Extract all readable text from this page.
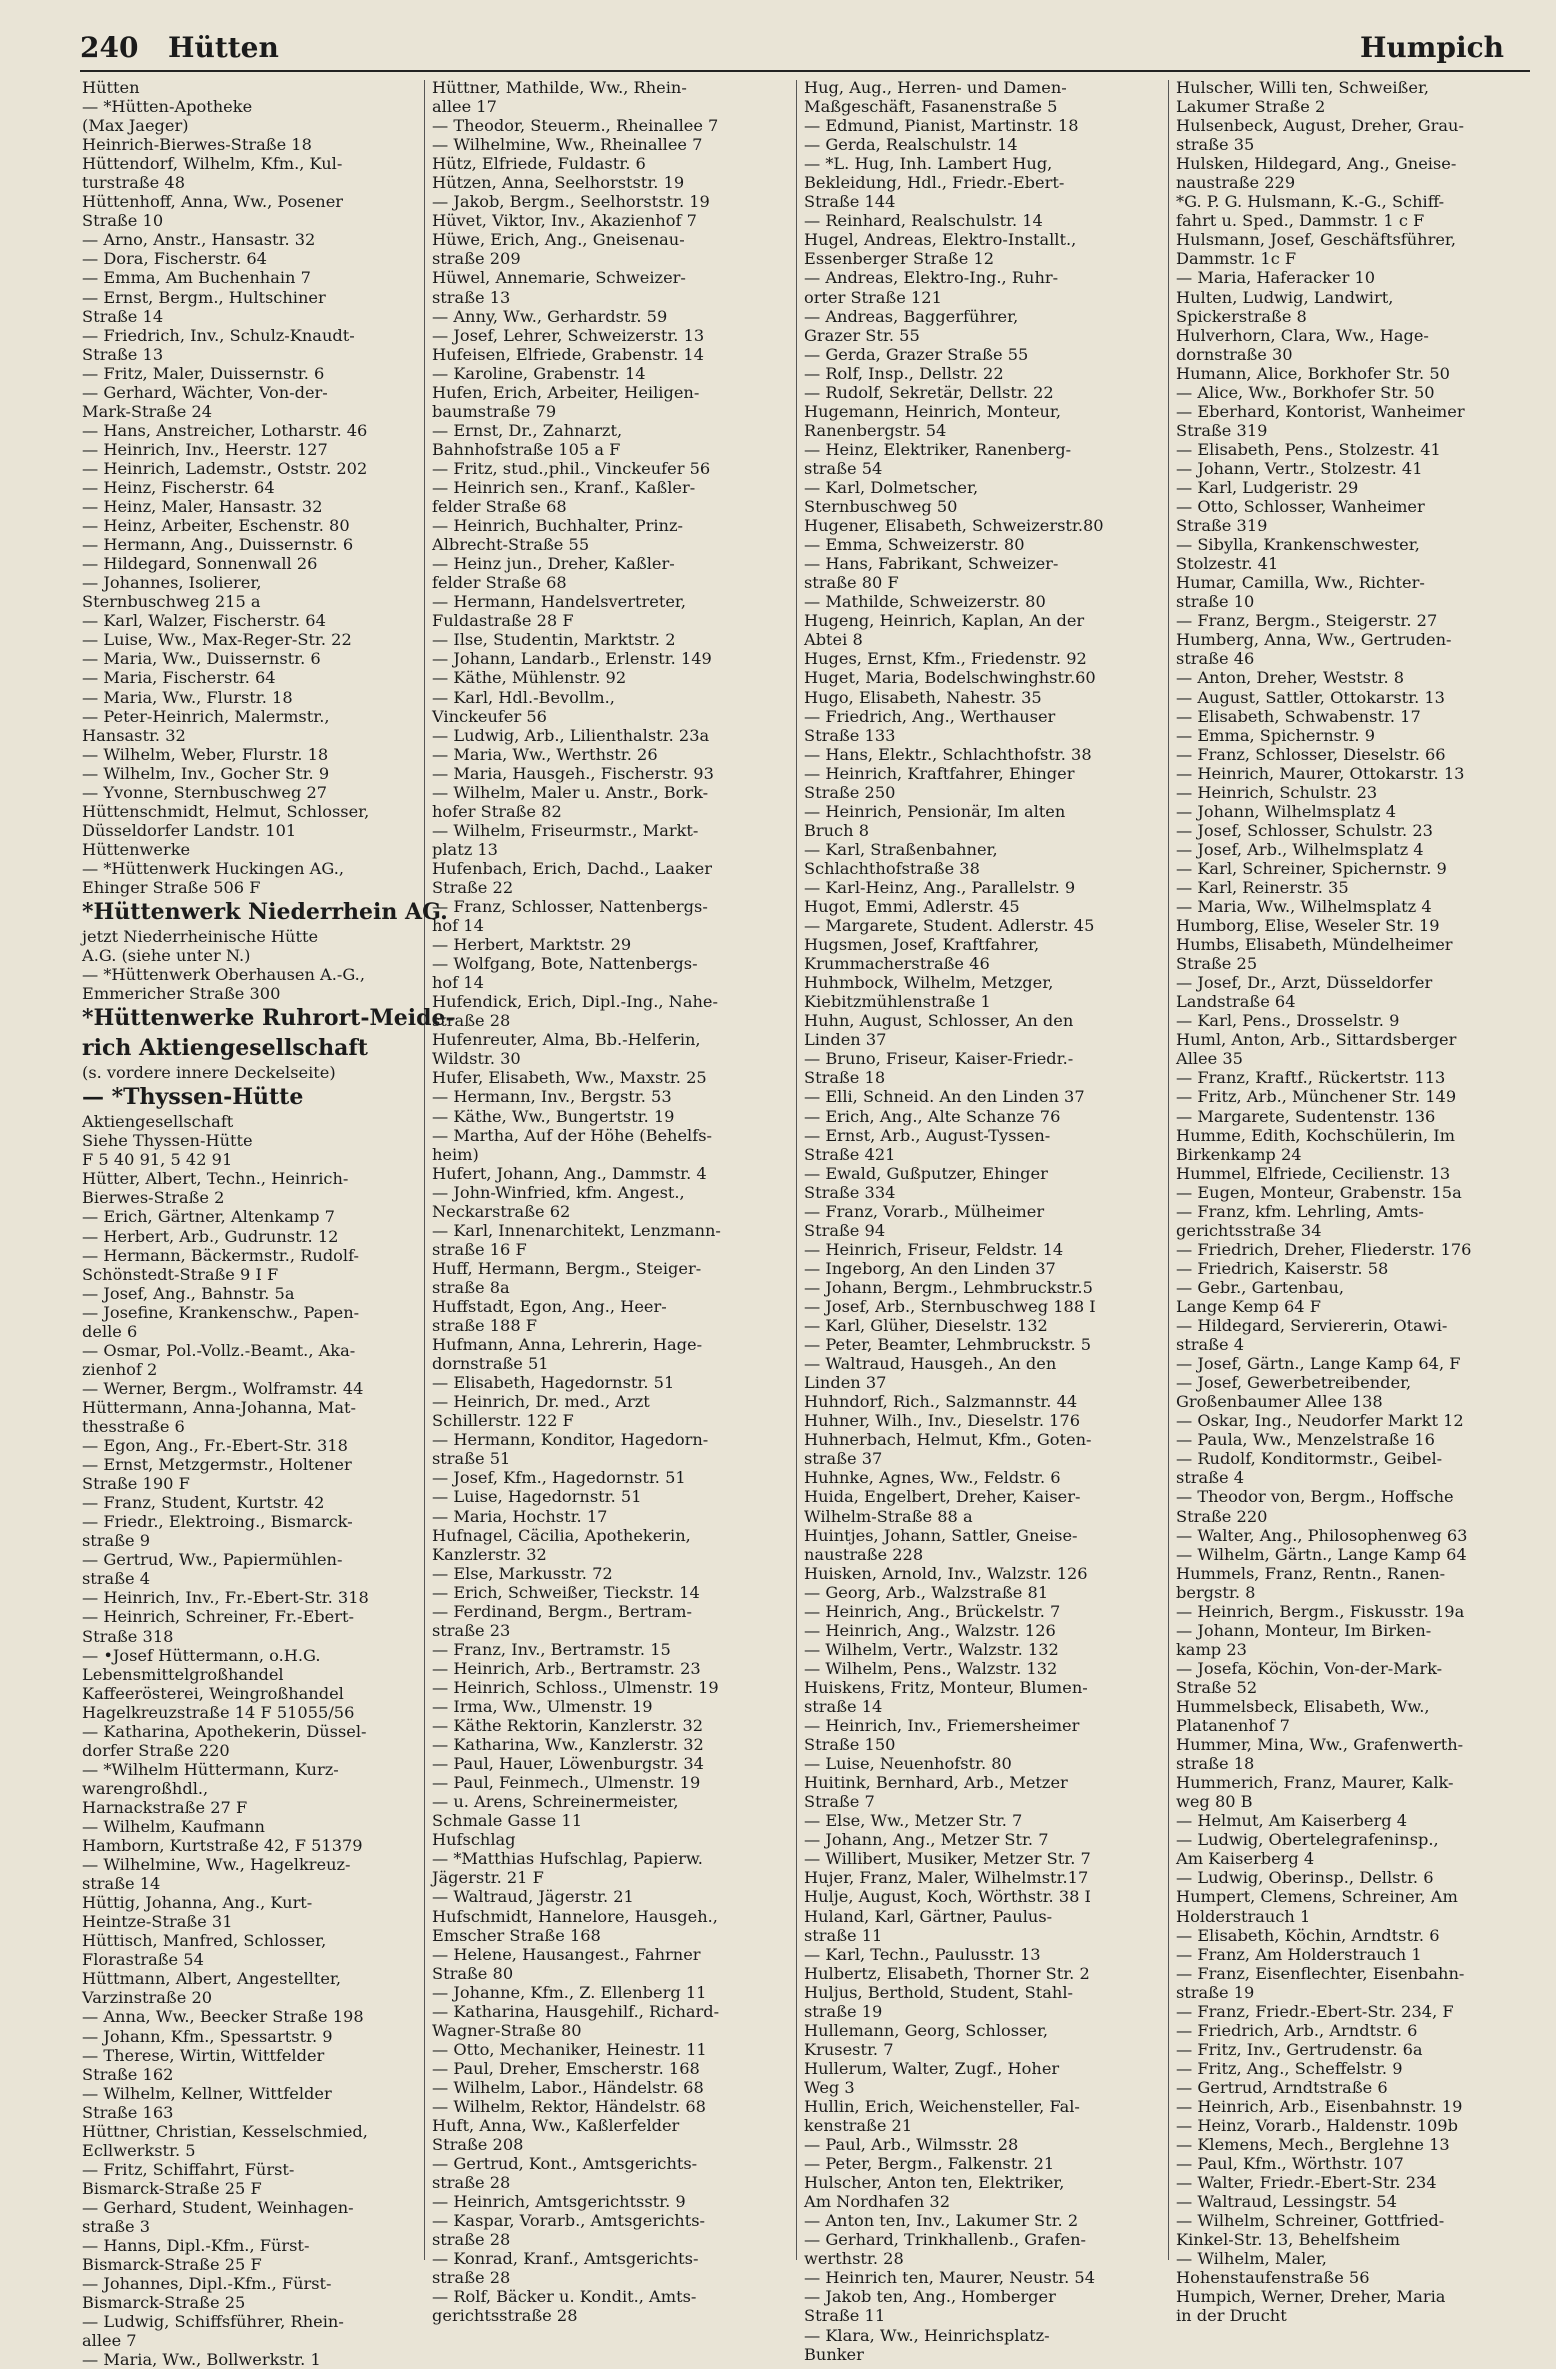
240 Hütten	Humpich
Hütten
— *Hütten-Apotheke
(Max Jaeger)
Heinrich-Bierwes-Straße 18
Hüttendorf, Wilhelm, Kfm., Kul-
turstraße 48
Hüttenhoff, Anna, Ww., Posener
Straße 10
— Arno, Anstr., Hansastr. 32
— Dora, Fischerstr. 64
— Emma, Am Buchenhain 7
— Ernst, Bergm., Hultschiner
Straße 14
— Friedrich, Inv., Schulz-Knaudt-
Straße 13
— Fritz, Maler, Duissernstr. 6
— Gerhard, Wächter, Von-der-
Mark-Straße 24
— Hans, Anstreicher, Lotharstr. 46
— Heinrich, Inv., Heerstr. 127
— Heinrich, Lademstr., Oststr. 202
— Heinz, Fischerstr. 64
— Heinz, Maler, Hansastr. 32
— Heinz, Arbeiter, Eschenstr. 80
— Hermann, Ang., Duissernstr. 6
— Hildegard, Sonnenwall 26
— Johannes, Isolierer,
Sternbuschweg 215 a
— Karl, Walzer, Fischerstr. 64
— Luise, Ww., Max-Reger-Str. 22
— Maria, Ww., Duissernstr. 6
— Maria, Fischerstr. 64
— Maria, Ww., Flurstr. 18
— Peter-Heinrich, Malermstr.,
Hansastr. 32
— Wilhelm, Weber, Flurstr. 18
— Wilhelm, Inv., Gocher Str. 9
— Yvonne, Sternbuschweg 27
Hüttenschmidt, Helmut, Schlosser,
Düsseldorfer Landstr. 101
Hüttenwerke
— *Hüttenwerk Huckingen AG.,
Ehinger Straße 506 F
*Hüttenwerk Niederrhein AG.
jetzt Niederrheinische Hütte
A.G. (siehe unter N.)
— *Hüttenwerk Oberhausen A.-G.,
Emmericher Straße 300
*Hüttenwerke Ruhrort-Meide-
rich Aktiengesellschaft
(s. vordere innere Deckelseite)
— *Thyssen-Hütte
Aktiengesellschaft
Siehe Thyssen-Hütte
F 5 40 91, 5 42 91
Hütter, Albert, Techn., Heinrich-
Bierwes-Straße 2
— Erich, Gärtner, Altenkamp 7
— Herbert, Arb., Gudrunstr. 12
— Hermann, Bäckermstr., Rudolf-
Schönstedt-Straße 9 I F
— Josef, Ang., Bahnstr. 5a
— Josefine, Krankenschw., Papen-
delle 6
— Osmar, Pol.-Vollz.-Beamt., Aka-
zienhof 2
— Werner, Bergm., Wolframstr. 44
Hüttermann, Anna-Johanna, Mat-
thesstraße 6
— Egon, Ang., Fr.-Ebert-Str. 318
— Ernst, Metzgermstr., Holtener
Straße 190 F
— Franz, Student, Kurtstr. 42
— Friedr., Elektroing., Bismarck-
straße 9
— Gertrud, Ww., Papiermühlen-
straße 4
— Heinrich, Inv., Fr.-Ebert-Str. 318
— Heinrich, Schreiner, Fr.-Ebert-
Straße 318
— •Josef Hüttermann, o.H.G.
Lebensmittelgroßhandel
Kaffeerösterei, Weingroßhandel
Hagelkreuzstraße 14 F 51055/56
— Katharina, Apothekerin, Düssel-
dorfer Straße 220
— *Wilhelm Hüttermann, Kurz-
warengroßhdl.,
Harnackstraße 27 F
— Wilhelm, Kaufmann
Hamborn, Kurtstraße 42, F 51379
— Wilhelmine, Ww., Hagelkreuz-
straße 14
Hüttig, Johanna, Ang., Kurt-
Heintze-Straße 31
Hüttisch, Manfred, Schlosser,
Florastraße 54
Hüttmann, Albert, Angestellter,
Varzinstraße 20
— Anna, Ww., Beecker Straße 198
— Johann, Kfm., Spessartstr. 9
— Therese, Wirtin, Wittfelder
Straße 162
— Wilhelm, Kellner, Wittfelder
Straße 163
Hüttner, Christian, Kesselschmied,
Ecllwerkstr. 5
— Fritz, Schiffahrt, Fürst-
Bismarck-Straße 25 F
— Gerhard, Student, Weinhagen-
straße 3
— Hanns, Dipl.-Kfm., Fürst-
Bismarck-Straße 25 F
— Johannes, Dipl.-Kfm., Fürst-
Bismarck-Straße 25
— Ludwig, Schiffsführer, Rhein-
allee 7
— Maria, Ww., Bollwerkstr. 1
Hüttner, Mathilde, Ww., Rhein-
allee 17
— Theodor, Steuerm., Rheinallee 7
— Wilhelmine, Ww., Rheinallee 7
Hütz, Elfriede, Fuldastr. 6
Hützen, Anna, Seelhorststr. 19
— Jakob, Bergm., Seelhorststr. 19
Hüvet, Viktor, Inv., Akazienhof 7
Hüwe, Erich, Ang., Gneisenau-
straße 209
Hüwel, Annemarie, Schweizer-
straße 13
— Anny, Ww., Gerhardstr. 59
— Josef, Lehrer, Schweizerstr. 13
Hufeisen, Elfriede, Grabenstr. 14
— Karoline, Grabenstr. 14
Hufen, Erich, Arbeiter, Heiligen-
baumstraße 79
— Ernst, Dr., Zahnarzt,
Bahnhofstraße 105 a F
— Fritz, stud.,phil., Vinckeufer 56
— Heinrich sen., Kranf., Kaßler-
felder Straße 68
— Heinrich, Buchhalter, Prinz-
Albrecht-Straße 55
— Heinz jun., Dreher, Kaßler-
felder Straße 68
— Hermann, Handelsvertreter,
Fuldastraße 28 F
— Ilse, Studentin, Marktstr. 2
— Johann, Landarb., Erlenstr. 149
— Käthe, Mühlenstr. 92
— Karl, Hdl.-Bevollm.,
Vinckeufer 56
— Ludwig, Arb., Lilienthalstr. 23a
— Maria, Ww., Werthstr. 26
— Maria, Hausgeh., Fischerstr. 93
— Wilhelm, Maler u. Anstr., Bork-
hofer Straße 82
— Wilhelm, Friseurmstr., Markt-
platz 13
Hufenbach, Erich, Dachd., Laaker
Straße 22
— Franz, Schlosser, Nattenbergs-
hof 14
— Herbert, Marktstr. 29
— Wolfgang, Bote, Nattenbergs-
hof 14
Hufendick, Erich, Dipl.-Ing., Nahe-
straße 28
Hufenreuter, Alma, Bb.-Helferin,
Wildstr. 30
Hufer, Elisabeth, Ww., Maxstr. 25
— Hermann, Inv., Bergstr. 53
— Käthe, Ww., Bungertstr. 19
— Martha, Auf der Höhe (Behelfs-
heim)
Hufert, Johann, Ang., Dammstr. 4
— John-Winfried, kfm. Angest.,
Neckarstraße 62
— Karl, Innenarchitekt, Lenzmann-
straße 16 F
Huff, Hermann, Bergm., Steiger-
straße 8a
Huffstadt, Egon, Ang., Heer-
straße 188 F
Hufmann, Anna, Lehrerin, Hage-
dornstraße 51
— Elisabeth, Hagedornstr. 51
— Heinrich, Dr. med., Arzt
Schillerstr. 122 F
— Hermann, Konditor, Hagedorn-
straße 51
— Josef, Kfm., Hagedornstr. 51
— Luise, Hagedornstr. 51
— Maria, Hochstr. 17
Hufnagel, Cäcilia, Apothekerin,
Kanzlerstr. 32
— Else, Markusstr. 72
— Erich, Schweißer, Tieckstr. 14
— Ferdinand, Bergm., Bertram-
straße 23
— Franz, Inv., Bertramstr. 15
— Heinrich, Arb., Bertramstr. 23
— Heinrich, Schloss., Ulmenstr. 19
— Irma, Ww., Ulmenstr. 19
— Käthe Rektorin, Kanzlerstr. 32
— Katharina, Ww., Kanzlerstr. 32
— Paul, Hauer, Löwenburgstr. 34
— Paul, Feinmech., Ulmenstr. 19
— u. Arens, Schreinermeister,
Schmale Gasse 11
Hufschlag
— *Matthias Hufschlag, Papierw.
Jägerstr. 21 F
— Waltraud, Jägerstr. 21
Hufschmidt, Hannelore, Hausgeh.,
Emscher Straße 168
— Helene, Hausangest., Fahrner
Straße 80
— Johanne, Kfm., Z. Ellenberg 11
— Katharina, Hausgehilf., Richard-
Wagner-Straße 80
— Otto, Mechaniker, Heinestr. 11
— Paul, Dreher, Emscherstr. 168
— Wilhelm, Labor., Händelstr. 68
— Wilhelm, Rektor, Händelstr. 68
Huft, Anna, Ww., Kaßlerfelder
Straße 208
— Gertrud, Kont., Amtsgerichts-
straße 28
— Heinrich, Amtsgerichtsstr. 9
— Kaspar, Vorarb., Amtsgerichts-
straße 28
— Konrad, Kranf., Amtsgerichts-
straße 28
— Rolf, Bäcker u. Kondit., Amts-
gerichtsstraße 28
Hug, Aug., Herren- und Damen-
Maßgeschäft, Fasanenstraße 5
— Edmund, Pianist, Martinstr. 18
— Gerda, Realschulstr. 14
— *L. Hug, Inh. Lambert Hug,
Bekleidung, Hdl., Friedr.-Ebert-
Straße 144
— Reinhard, Realschulstr. 14
Hugel, Andreas, Elektro-Installt.,
Essenberger Straße 12
— Andreas, Elektro-Ing., Ruhr-
orter Straße 121
— Andreas, Baggerführer,
Grazer Str. 55
— Gerda, Grazer Straße 55
— Rolf, Insp., Dellstr. 22
— Rudolf, Sekretär, Dellstr. 22
Hugemann, Heinrich, Monteur,
Ranenbergstr. 54
— Heinz, Elektriker, Ranenberg-
straße 54
— Karl, Dolmetscher,
Sternbuschweg 50
Hugener, Elisabeth, Schweizerstr.80
— Emma, Schweizerstr. 80
— Hans, Fabrikant, Schweizer-
straße 80 F
— Mathilde, Schweizerstr. 80
Hugeng, Heinrich, Kaplan, An der
Abtei 8
Huges, Ernst, Kfm., Friedenstr. 92
Huget, Maria, Bodelschwinghstr.60
Hugo, Elisabeth, Nahestr. 35
— Friedrich, Ang., Werthauser
Straße 133
— Hans, Elektr., Schlachthofstr. 38
— Heinrich, Kraftfahrer, Ehinger
Straße 250
— Heinrich, Pensionär, Im alten
Bruch 8
— Karl, Straßenbahner,
Schlachthofstraße 38
— Karl-Heinz, Ang., Parallelstr. 9
Hugot, Emmi, Adlerstr. 45
— Margarete, Student. Adlerstr. 45
Hugsmen, Josef, Kraftfahrer,
Krummacherstraße 46
Huhmbock, Wilhelm, Metzger,
Kiebitzmühlenstraße 1
Huhn, August, Schlosser, An den
Linden 37
— Bruno, Friseur, Kaiser-Friedr.-
Straße 18
— Elli, Schneid. An den Linden 37
— Erich, Ang., Alte Schanze 76
— Ernst, Arb., August-Tyssen-
Straße 421
— Ewald, Gußputzer, Ehinger
Straße 334
— Franz, Vorarb., Mülheimer
Straße 94
— Heinrich, Friseur, Feldstr. 14
— Ingeborg, An den Linden 37
— Johann, Bergm., Lehmbruckstr.5
— Josef, Arb., Sternbuschweg 188 I
— Karl, Glüher, Dieselstr. 132
— Peter, Beamter, Lehmbruckstr. 5
— Waltraud, Hausgeh., An den
Linden 37
Huhndorf, Rich., Salzmannstr. 44
Huhner, Wilh., Inv., Dieselstr. 176
Huhnerbach, Helmut, Kfm., Goten-
straße 37
Huhnke, Agnes, Ww., Feldstr. 6
Huida, Engelbert, Dreher, Kaiser-
Wilhelm-Straße 88 a
Huintjes, Johann, Sattler, Gneise-
naustraße 228
Huisken, Arnold, Inv., Walzstr. 126
— Georg, Arb., Walzstraße 81
— Heinrich, Ang., Brückelstr. 7
— Heinrich, Ang., Walzstr. 126
— Wilhelm, Vertr., Walzstr. 132
— Wilhelm, Pens., Walzstr. 132
Huiskens, Fritz, Monteur, Blumen-
straße 14
— Heinrich, Inv., Friemersheimer
Straße 150
— Luise, Neuenhofstr. 80
Huitink, Bernhard, Arb., Metzer
Straße 7
— Else, Ww., Metzer Str. 7
— Johann, Ang., Metzer Str. 7
— Willibert, Musiker, Metzer Str. 7
Hujer, Franz, Maler, Wilhelmstr.17
Hulje, August, Koch, Wörthstr. 38 I
Huland, Karl, Gärtner, Paulus-
straße 11
— Karl, Techn., Paulusstr. 13
Hulbertz, Elisabeth, Thorner Str. 2
Huljus, Berthold, Student, Stahl-
straße 19
Hullemann, Georg, Schlosser,
Krusestr. 7
Hullerum, Walter, Zugf., Hoher
Weg 3
Hullin, Erich, Weichensteller, Fal-
kenstraße 21
— Paul, Arb., Wilmsstr. 28
— Peter, Bergm., Falkenstr. 21
Hulscher, Anton ten, Elektriker,
Am Nordhafen 32
— Anton ten, Inv., Lakumer Str. 2
— Gerhard, Trinkhallenb., Grafen-
werthstr. 28
— Heinrich ten, Maurer, Neustr. 54
— Jakob ten, Ang., Homberger
Straße 11
— Klara, Ww., Heinrichsplatz-
Bunker
Hulscher, Willi ten, Schweißer,
Lakumer Straße 2
Hulsenbeck, August, Dreher, Grau-
straße 35
Hulsken, Hildegard, Ang., Gneise-
naustraße 229
*G. P. G. Hulsmann, K.-G., Schiff-
fahrt u. Sped., Dammstr. 1 c F
Hulsmann, Josef, Geschäftsführer,
Dammstr. 1c F
— Maria, Haferacker 10
Hulten, Ludwig, Landwirt,
Spickerstraße 8
Hulverhorn, Clara, Ww., Hage-
dornstraße 30
Humann, Alice, Borkhofer Str. 50
— Alice, Ww., Borkhofer Str. 50
— Eberhard, Kontorist, Wanheimer
Straße 319
— Elisabeth, Pens., Stolzestr. 41
— Johann, Vertr., Stolzestr. 41
— Karl, Ludgeristr. 29
— Otto, Schlosser, Wanheimer
Straße 319
— Sibylla, Krankenschwester,
Stolzestr. 41
Humar, Camilla, Ww., Richter-
straße 10
— Franz, Bergm., Steigerstr. 27
Humberg, Anna, Ww., Gertruden-
straße 46
— Anton, Dreher, Weststr. 8
— August, Sattler, Ottokarstr. 13
— Elisabeth, Schwabenstr. 17
— Emma, Spichernstr. 9
— Franz, Schlosser, Dieselstr. 66
— Heinrich, Maurer, Ottokarstr. 13
— Heinrich, Schulstr. 23
— Johann, Wilhelmsplatz 4
— Josef, Schlosser, Schulstr. 23
— Josef, Arb., Wilhelmsplatz 4
— Karl, Schreiner, Spichernstr. 9
— Karl, Reinerstr. 35
— Maria, Ww., Wilhelmsplatz 4
Humborg, Elise, Weseler Str. 19
Humbs, Elisabeth, Mündelheimer
Straße 25
— Josef, Dr., Arzt, Düsseldorfer
Landstraße 64
— Karl, Pens., Drosselstr. 9
Huml, Anton, Arb., Sittardsberger
Allee 35
— Franz, Kraftf., Rückertstr. 113
— Fritz, Arb., Münchener Str. 149
— Margarete, Sudentenstr. 136
Humme, Edith, Kochschülerin, Im
Birkenkamp 24
Hummel, Elfriede, Cecilienstr. 13
— Eugen, Monteur, Grabenstr. 15a
— Franz, kfm. Lehrling, Amts-
gerichtsstraße 34
— Friedrich, Dreher, Fliederstr. 176
— Friedrich, Kaiserstr. 58
— Gebr., Gartenbau,
Lange Kemp 64 F
— Hildegard, Serviererin, Otawi-
straße 4
— Josef, Gärtn., Lange Kamp 64, F
— Josef, Gewerbetreibender,
Großenbaumer Allee 138
— Oskar, Ing., Neudorfer Markt 12
— Paula, Ww., Menzelstraße 16
— Rudolf, Konditormstr., Geibel-
straße 4
— Theodor von, Bergm., Hoffsche
Straße 220
— Walter, Ang., Philosophenweg 63
— Wilhelm, Gärtn., Lange Kamp 64
Hummels, Franz, Rentn., Ranen-
bergstr. 8
— Heinrich, Bergm., Fiskusstr. 19a
— Johann, Monteur, Im Birken-
kamp 23
— Josefa, Köchin, Von-der-Mark-
Straße 52
Hummelsbeck, Elisabeth, Ww.,
Platanenhof 7
Hummer, Mina, Ww., Grafenwerth-
straße 18
Hummerich, Franz, Maurer, Kalk-
weg 80 B
— Helmut, Am Kaiserberg 4
— Ludwig, Obertelegrafeninsp.,
Am Kaiserberg 4
— Ludwig, Oberinsp., Dellstr. 6
Humpert, Clemens, Schreiner, Am
Holderstrauch 1
— Elisabeth, Köchin, Arndtstr. 6
— Franz, Am Holderstrauch 1
— Franz, Eisenflechter, Eisenbahn-
straße 19
— Franz, Friedr.-Ebert-Str. 234, F
— Friedrich, Arb., Arndtstr. 6
— Fritz, Inv., Gertrudenstr. 6a
— Fritz, Ang., Scheffelstr. 9
— Gertrud, Arndtstraße 6
— Heinrich, Arb., Eisenbahnstr. 19
— Heinz, Vorarb., Haldenstr. 109b
— Klemens, Mech., Berglehne 13
— Paul, Kfm., Wörthstr. 107
— Walter, Friedr.-Ebert-Str. 234
— Waltraud, Lessingstr. 54
— Wilhelm, Schreiner, Gottfried-
Kinkel-Str. 13, Behelfsheim
— Wilhelm, Maler,
Hohenstaufenstraße 56
Humpich, Werner, Dreher, Maria
in der Drucht
